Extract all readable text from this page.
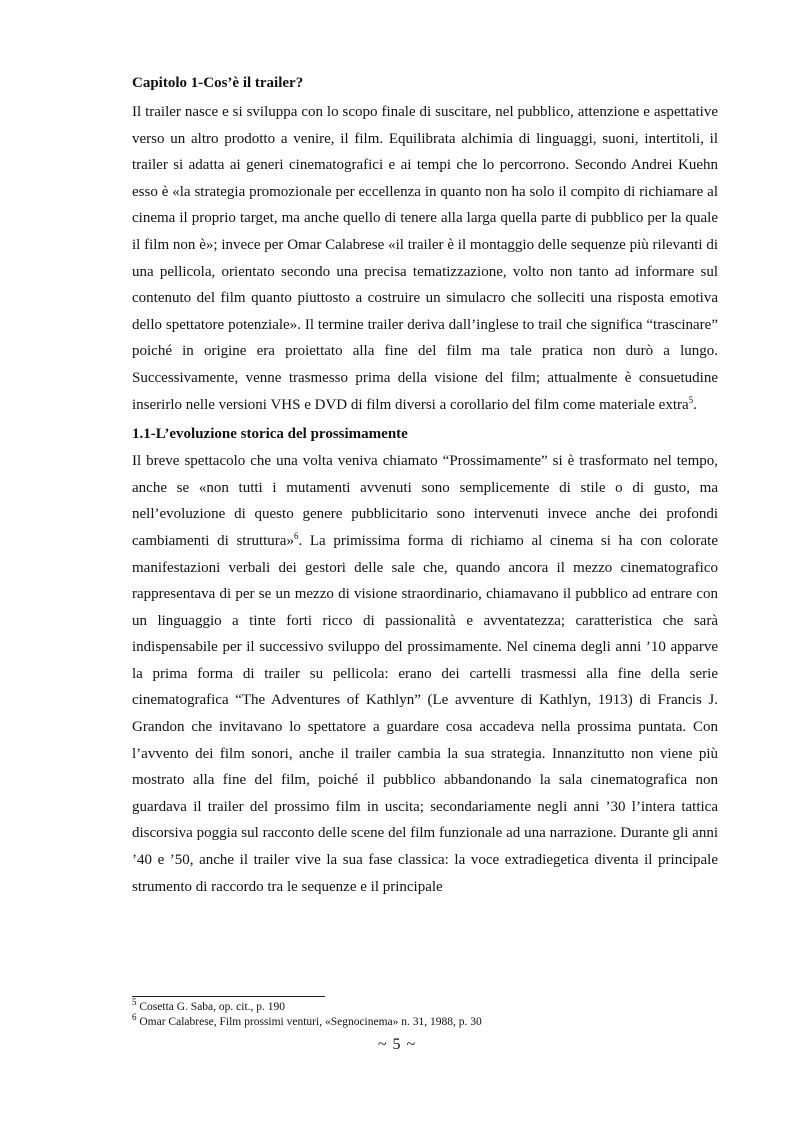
Capitolo 1-Cos’è il trailer?

Il trailer nasce e si sviluppa con lo scopo finale di suscitare, nel pubblico, attenzione e aspettative verso un altro prodotto a venire, il film. Equilibrata alchimia di linguaggi, suoni, intertitoli, il trailer si adatta ai generi cinematografici e ai tempi che lo percorrono. Secondo Andrei Kuehn esso è «la strategia promozionale per eccellenza in quanto non ha solo il compito di richiamare al cinema il proprio target, ma anche quello di tenere alla larga quella parte di pubblico per la quale il film non è»; invece per Omar Calabrese «il trailer è il montaggio delle sequenze più rilevanti di una pellicola, orientato secondo una precisa tematizzazione, volto non tanto ad informare sul contenuto del film quanto piuttosto a costruire un simulacro che solleciti una risposta emotiva dello spettatore potenziale». Il termine trailer deriva dall’inglese to trail che significa “trascinare” poiché in origine era proiettato alla fine del film ma tale pratica non durò a lungo. Successivamente, venne trasmesso prima della visione del film; attualmente è consuetudine inserirlo nelle versioni VHS e DVD di film diversi a corollario del film come materiale extra$^5$.

1.1-L’evoluzione storica del prossimamente

Il breve spettacolo che una volta veniva chiamato “Prossimamente” si è trasformato nel tempo, anche se «non tutti i mutamenti avvenuti sono semplicemente di stile o di gusto, ma nell’evoluzione di questo genere pubblicitario sono intervenuti invece anche dei profondi cambiamenti di struttura»$^6$. La primissima forma di richiamo al cinema si ha con colorate manifestazioni verbali dei gestori delle sale che, quando ancora il mezzo cinematografico rappresentava di per se un mezzo di visione straordinario, chiamavano il pubblico ad entrare con un linguaggio a tinte forti ricco di passionalità e avventatezza; caratteristica che sarà indispensabile per il successivo sviluppo del prossimamente. Nel cinema degli anni ’10 apparve la prima forma di trailer su pellicola: erano dei cartelli trasmessi alla fine della serie cinematografica “The Adventures of Kathlyn” (Le avventure di Kathlyn, 1913) di Francis J. Grandon che invitavano lo spettatore a guardare cosa accadeva nella prossima puntata. Con l’avvento dei film sonori, anche il trailer cambia la sua strategia. Innanzitutto non viene più mostrato alla fine del film, poiché il pubblico abbandonando la sala cinematografica non guardava il trailer del prossimo film in uscita; secondariamente negli anni ’30 l’intera tattica discorsiva poggia sul racconto delle scene del film funzionale ad una narrazione. Durante gli anni ’40 e ’50, anche il trailer vive la sua fase classica: la voce extradiegetica diventa il principale strumento di raccordo tra le sequenze e il principale

$^5$ Cosetta G. Saba, op. cit., p. 190

$^6$ Omar Calabrese, Film prossimi venturi, «Segnocinema» n. 31, 1988, p. 30

~ 5 ~
